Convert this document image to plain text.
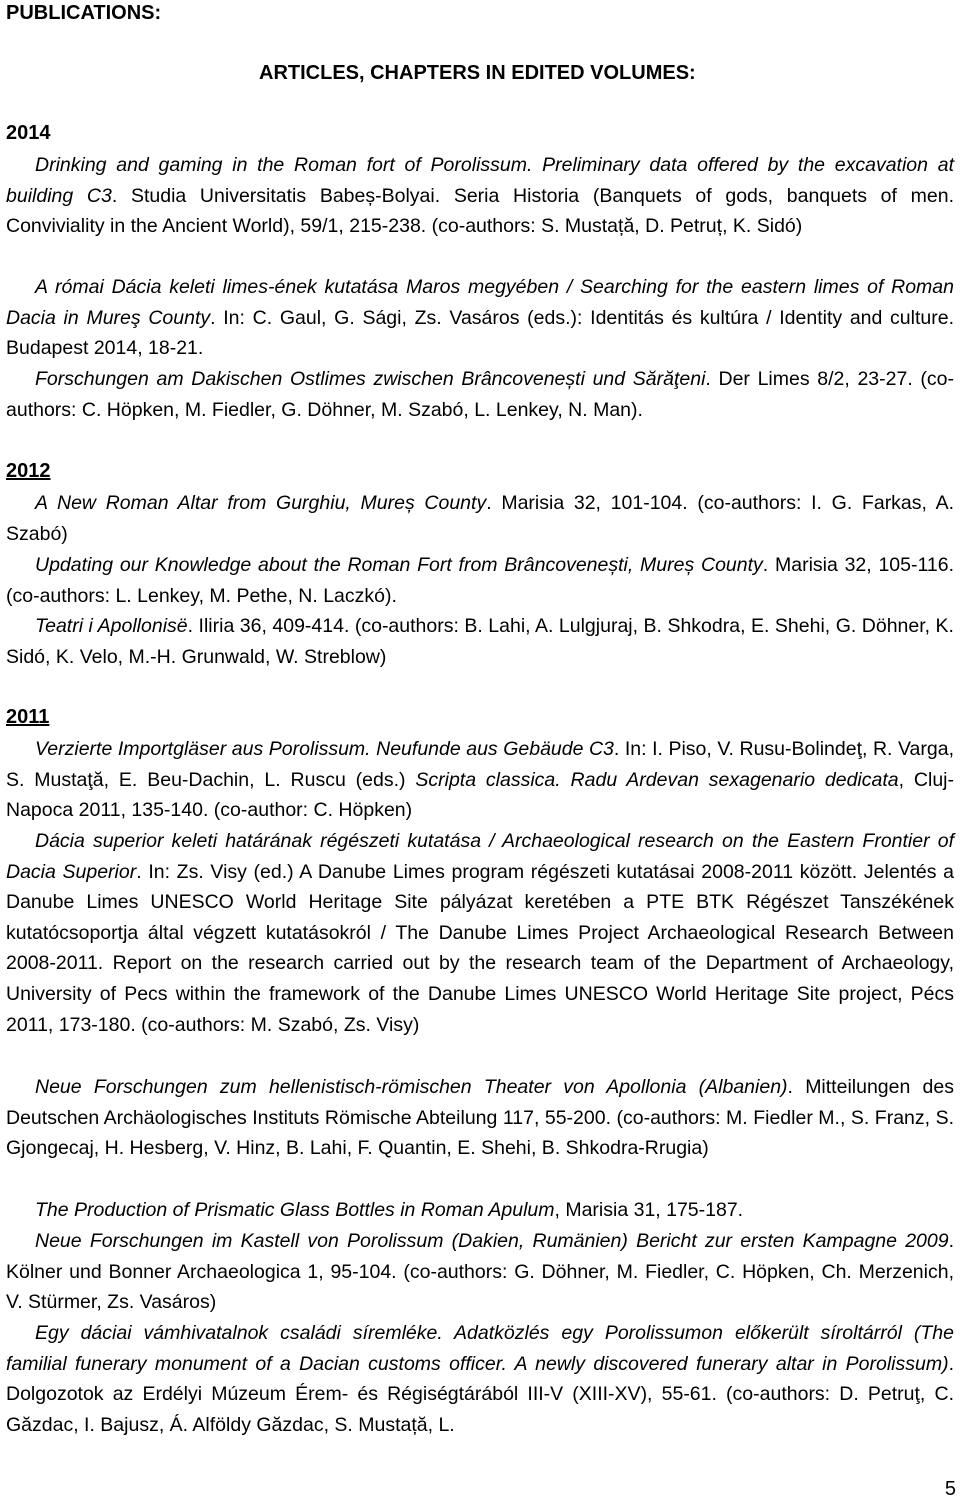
PUBLICATIONS:
ARTICLES, CHAPTERS IN EDITED VOLUMES:
2014
Drinking and gaming in the Roman fort of Porolissum. Preliminary data offered by the excavation at building C3. Studia Universitatis Babeș-Bolyai. Seria Historia (Banquets of gods, banquets of men. Conviviality in the Ancient World), 59/1, 215-238. (co-authors: S. Mustață, D. Petruț, K. Sidó)
A római Dácia keleti limes-ének kutatása Maros megyében / Searching for the eastern limes of Roman Dacia in Mureş County. In: C. Gaul, G. Sági, Zs. Vasáros (eds.): Identitás és kultúra / Identity and culture. Budapest 2014, 18-21.
Forschungen am Dakischen Ostlimes zwischen Brâncovenești und Sărăţeni. Der Limes 8/2, 23-27. (co-authors: C. Höpken, M. Fiedler, G. Döhner, M. Szabó, L. Lenkey, N. Man).
2012
A New Roman Altar from Gurghiu, Mureș County. Marisia 32, 101-104. (co-authors: I. G. Farkas, A. Szabó)
Updating our Knowledge about the Roman Fort from Brâncovenești, Mureș County. Marisia 32, 105-116. (co-authors: L. Lenkey, M. Pethe, N. Laczkó).
Teatri i Apollonisë. Iliria 36, 409-414. (co-authors: B. Lahi, A. Lulgjuraj, B. Shkodra, E. Shehi, G. Döhner, K. Sidó, K. Velo, M.-H. Grunwald, W. Streblow)
2011
Verzierte Importgläser aus Porolissum. Neufunde aus Gebäude C3. In: I. Piso, V. Rusu-Bolindeţ, R. Varga, S. Mustaţă, E. Beu-Dachin, L. Ruscu (eds.) Scripta classica. Radu Ardevan sexagenario dedicata, Cluj-Napoca 2011, 135-140. (co-author: C. Höpken)
Dácia superior keleti határának régészeti kutatása / Archaeological research on the Eastern Frontier of Dacia Superior. In: Zs. Visy (ed.) A Danube Limes program régészeti kutatásai 2008-2011 között. Jelentés a Danube Limes UNESCO World Heritage Site pályázat keretében a PTE BTK Régészet Tanszékének kutatócsoportja által végzett kutatásokról / The Danube Limes Project Archaeological Research Between 2008-2011. Report on the research carried out by the research team of the Department of Archaeology, University of Pecs within the framework of the Danube Limes UNESCO World Heritage Site project, Pécs 2011, 173-180. (co-authors: M. Szabó, Zs. Visy)
Neue Forschungen zum hellenistisch-römischen Theater von Apollonia (Albanien). Mitteilungen des Deutschen Archäologisches Instituts Römische Abteilung 117, 55-200. (co-authors: M. Fiedler M., S. Franz, S. Gjongecaj, H. Hesberg, V. Hinz, B. Lahi, F. Quantin, E. Shehi, B. Shkodra-Rrugia)
The Production of Prismatic Glass Bottles in Roman Apulum, Marisia 31, 175-187.
Neue Forschungen im Kastell von Porolissum (Dakien, Rumänien) Bericht zur ersten Kampagne 2009. Kölner und Bonner Archaeologica 1, 95-104. (co-authors: G. Döhner, M. Fiedler, C. Höpken, Ch. Merzenich, V. Stürmer, Zs. Vasáros)
Egy dáciai vámhivatalnok családi síremléke. Adatközlés egy Porolissumon előkerült síroltárról (The familial funerary monument of a Dacian customs officer. A newly discovered funerary altar in Porolissum). Dolgozotok az Erdélyi Múzeum Érem- és Régiségtárából III-V (XIII-XV), 55-61. (co-authors: D. Petruţ, C. Găzdac, I. Bajusz, Á. Alföldy Găzdac, S. Mustață, L.
5
